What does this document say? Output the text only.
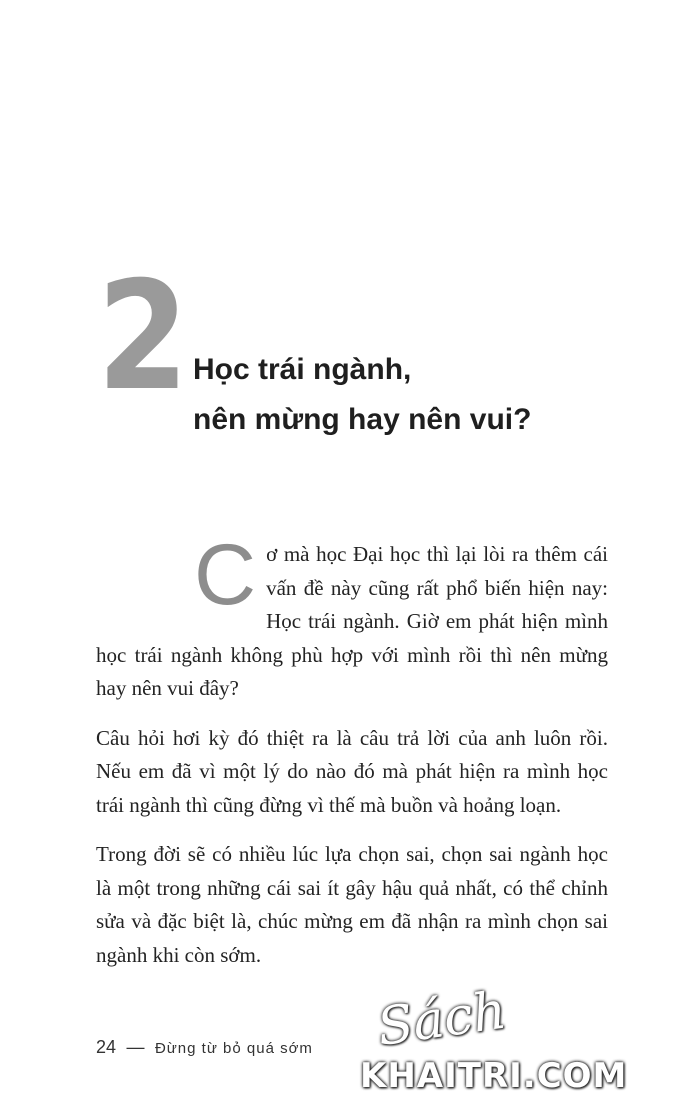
2 Học trái ngành,
nên mừng hay nên vui?

Cơ mà học Đại học thì lại lòi ra thêm cái vấn đề này cũng rất phổ biến hiện nay: Học trái ngành. Giờ em phát hiện mình học trái ngành không phù hợp với mình rồi thì nên mừng hay nên vui đây?

Câu hỏi hơi kỳ đó thiệt ra là câu trả lời của anh luôn rồi. Nếu em đã vì một lý do nào đó mà phát hiện ra mình học trái ngành thì cũng đừng vì thế mà buồn và hoảng loạn.

Trong đời sẽ có nhiều lúc lựa chọn sai, chọn sai ngành học là một trong những cái sai ít gây hậu quả nhất, có thể chỉnh sửa và đặc biệt là, chúc mừng em đã nhận ra mình chọn sai ngành khi còn sớm.

24 — Đừng từ bỏ quá sớm Sách
KHAITRI.COM
